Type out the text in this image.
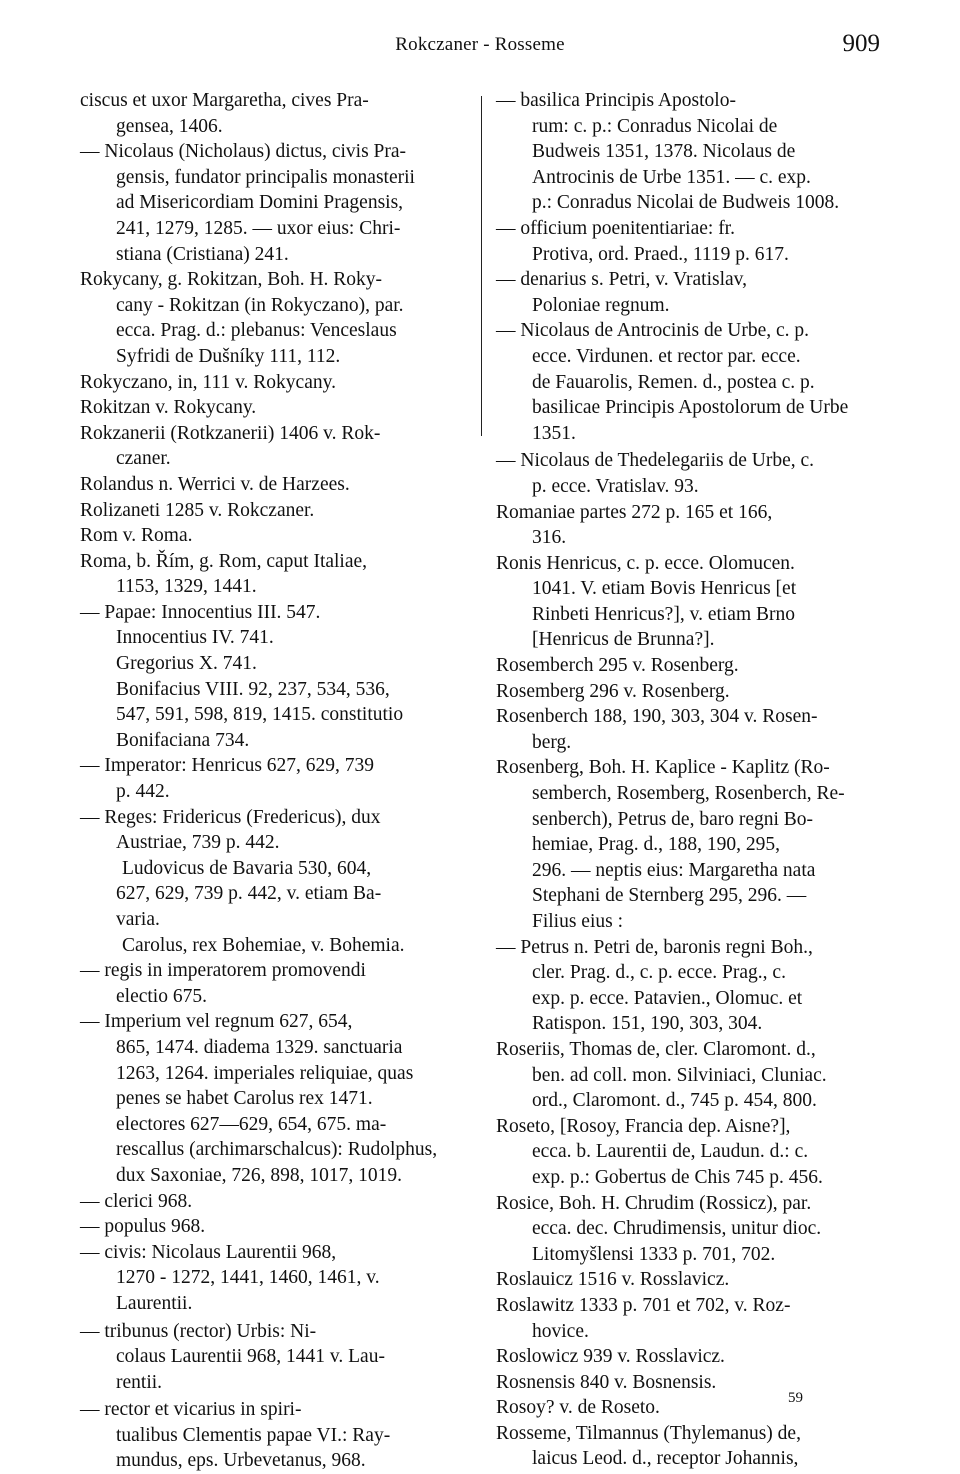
Rokczaner - Rosseme	909
ciscus et uxor Margaretha, cives Pra-
gensea, 1406.
— Nicolaus (Nicholaus) dictus, civis Pra-
gensis, fundator principalis monasterii
ad Misericordiam Domini Pragensis,
241, 1279, 1285. — uxor eius: Chri-
stiana (Cristiana) 241.
Rokycany, g. Rokitzan, Boh. H. Roky-
cany - Rokitzan (in Rokyczano), par.
ecca. Prag. d.: plebanus: Venceslaus
Syfridi de Dušníky 111, 112.
Rokyczano, in, 111 v. Rokycany.
Rokitzan v. Rokycany.
Rokzanerii (Rotkzanerii) 1406 v. Rok-
czaner.
Rolandus n. Werrici v. de Harzees.
Rolizaneti 1285 v. Rokczaner.
Rom v. Roma.
Roma, b. Řím, g. Rom, caput Italiae,
1153, 1329, 1441.
— Papae: Innocentius III. 547.
Innocentius IV. 741.
Gregorius X. 741.
Bonifacius VIII. 92, 237, 534, 536,
547, 591, 598, 819, 1415. constitutio
Bonifaciana 734.
— Imperator: Henricus 627, 629, 739
p. 442.
— Reges: Fridericus (Fredericus), dux
Austriae, 739 p. 442.
Ludovicus de Bavaria 530, 604,
627, 629, 739 p. 442, v. etiam Ba-
varia.
Carolus, rex Bohemiae, v. Bohemia.
— regis in imperatorem promovendi
electio 675.
— Imperium vel regnum 627, 654,
865, 1474. diadema 1329. sanctuaria
1263, 1264. imperiales reliquiae, quas
penes se habet Carolus rex 1471.
electores 627—629, 654, 675. ma-
rescallus (archimarschalcus): Rudolphus,
dux Saxoniae, 726, 898, 1017, 1019.
— clerici 968.
— populus 968.
— civis: Nicolaus Laurentii 968,
1270 - 1272, 1441, 1460, 1461, v.
Laurentii.
— tribunus (rector) Urbis: Ni-
colaus Laurentii 968, 1441 v. Lau-
rentii.
— rector et vicarius in spiri-
tualibus Clementis papae VI.: Ray-
mundus, eps. Urbevetanus, 968.
— basilica Principis Apostolo-
rum: c. p.: Conradus Nicolai de
Budweis 1351, 1378. Nicolaus de
Antrocinis de Urbe 1351. — c. exp.
p.: Conradus Nicolai de Budweis 1008.
— officium poenitentiariae: fr.
Protiva, ord. Praed., 1119 p. 617.
— denarius s. Petri, v. Vratislav,
Poloniae regnum.
— Nicolaus de Antrocinis de Urbe, c. p.
ecce. Virdunen. et rector par. ecce.
de Fauarolis, Remen. d., postea c. p.
basilicae Principis Apostolorum de Urbe
1351.
— Nicolaus de Thedelegariis de Urbe, c.
p. ecce. Vratislav. 93.
Romaniae partes 272 p. 165 et 166,
316.
Ronis Henricus, c. p. ecce. Olomucen.
1041. V. etiam Bovis Henricus [et
Rinbeti Henricus?], v. etiam Brno
[Henricus de Brunna?].
Rosemberch 295 v. Rosenberg.
Rosemberg 296 v. Rosenberg.
Rosenberch 188, 190, 303, 304 v. Rosen-
berg.
Rosenberg, Boh. H. Kaplice - Kaplitz (Ro-
semberch, Rosemberg, Rosenberch, Re-
senberch), Petrus de, baro regni Bo-
hemiae, Prag. d., 188, 190, 295,
296. — neptis eius: Margaretha nata
Stephani de Sternberg 295, 296. —
Filius eius :
— Petrus n. Petri de, baronis regni Boh.,
cler. Prag. d., c. p. ecce. Prag., c.
exp. p. ecce. Patavien., Olomuc. et
Ratispon. 151, 190, 303, 304.
Roseriis, Thomas de, cler. Claromont. d.,
ben. ad coll. mon. Silviniaci, Cluniac.
ord., Claromont. d., 745 p. 454, 800.
Roseto, [Rosoy, Francia dep. Aisne?],
ecca. b. Laurentii de, Laudun. d.: c.
exp. p.: Gobertus de Chis 745 p. 456.
Rosice, Boh. H. Chrudim (Rossicz), par.
ecca. dec. Chrudimensis, unitur dioc.
Litomyšlensi 1333 p. 701, 702.
Roslauicz 1516 v. Rosslavicz.
Roslawitz 1333 p. 701 et 702, v. Roz-
hovice.
Roslowicz 939 v. Rosslavicz.
Rosnensis 840 v. Bosnensis.
Rosoy? v. de Roseto.
Rosseme, Tilmannus (Thylemanus) de,
laicus Leod. d., receptor Johannis,
59
